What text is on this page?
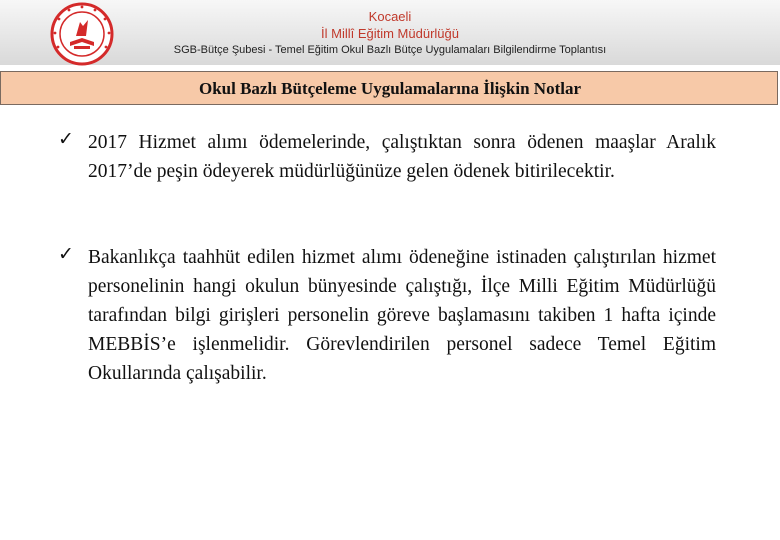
Kocaeli
İl Millî Eğitim Müdürlüğü
SGB-Bütçe Şubesi - Temel Eğitim Okul Bazlı Bütçe Uygulamaları Bilgilendirme Toplantısı
Okul Bazlı Bütçeleme Uygulamalarına İlişkin Notlar
✓ 2017 Hizmet alımı ödemelerinde, çalıştıktan sonra ödenen maaşlar Aralık 2017’de peşin ödeyerek müdürlüğünüze gelen ödenek bitirilecektir.
✓ Bakanlıkça taahhüt edilen hizmet alımı ödeneğine istinaden çalıştırılan hizmet personelinin hangi okulun bünyesinde çalıştığı, İlçe Milli Eğitim Müdürlüğü tarafından bilgi girişleri personelin göreve başlamasını takiben 1 hafta içinde MEBBİS’e işlenmelidir. Görevlendirilen personel sadece Temel Eğitim Okullarında çalışabilir.
